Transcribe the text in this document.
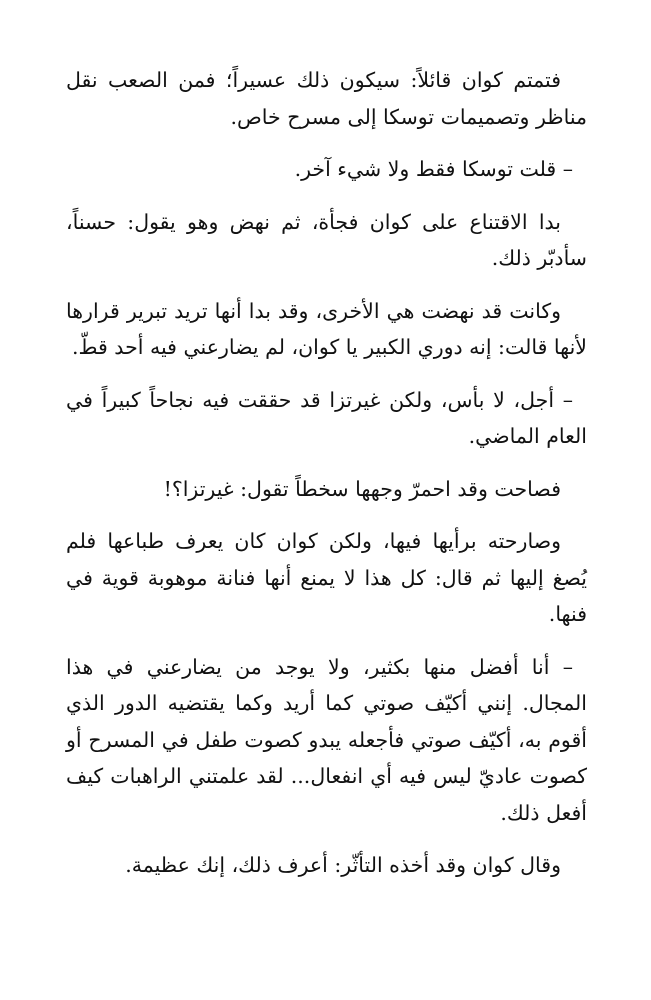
فتمتم كوان قائلاً: سيكون ذلك عسيراً؛ فمن الصعب نقل مناظر وتصميمات توسكا إلى مسرح خاص.

– قلت توسكا فقط ولا شيء آخر.

بدا الاقتناع على كوان فجأة، ثم نهض وهو يقول: حسناً، سأدبّر ذلك.

وكانت قد نهضت هي الأخرى، وقد بدا أنها تريد تبرير قرارها لأنها قالت: إنه دوري الكبير يا كوان، لم يضارعني فيه أحد قطّ.

– أجل، لا بأس، ولكن غيرتزا قد حققت فيه نجاحاً كبيراً في العام الماضي.

فصاحت وقد احمرّ وجهها سخطاً تقول: غيرتزا؟!

وصارحته برأيها فيها، ولكن كوان كان يعرف طباعها فلم يُصغ إليها ثم قال: كل هذا لا يمنع أنها فنانة موهوبة قوية في فنها.

– أنا أفضل منها بكثير، ولا يوجد من يضارعني في هذا المجال. إنني أكيّف صوتي كما أريد وكما يقتضيه الدور الذي أقوم به، أكيّف صوتي فأجعله يبدو كصوت طفل في المسرح أو كصوت عاديّ ليس فيه أي انفعال... لقد علمتني الراهبات كيف أفعل ذلك.

وقال كوان وقد أخذه التأثّر: أعرف ذلك، إنك عظيمة.
